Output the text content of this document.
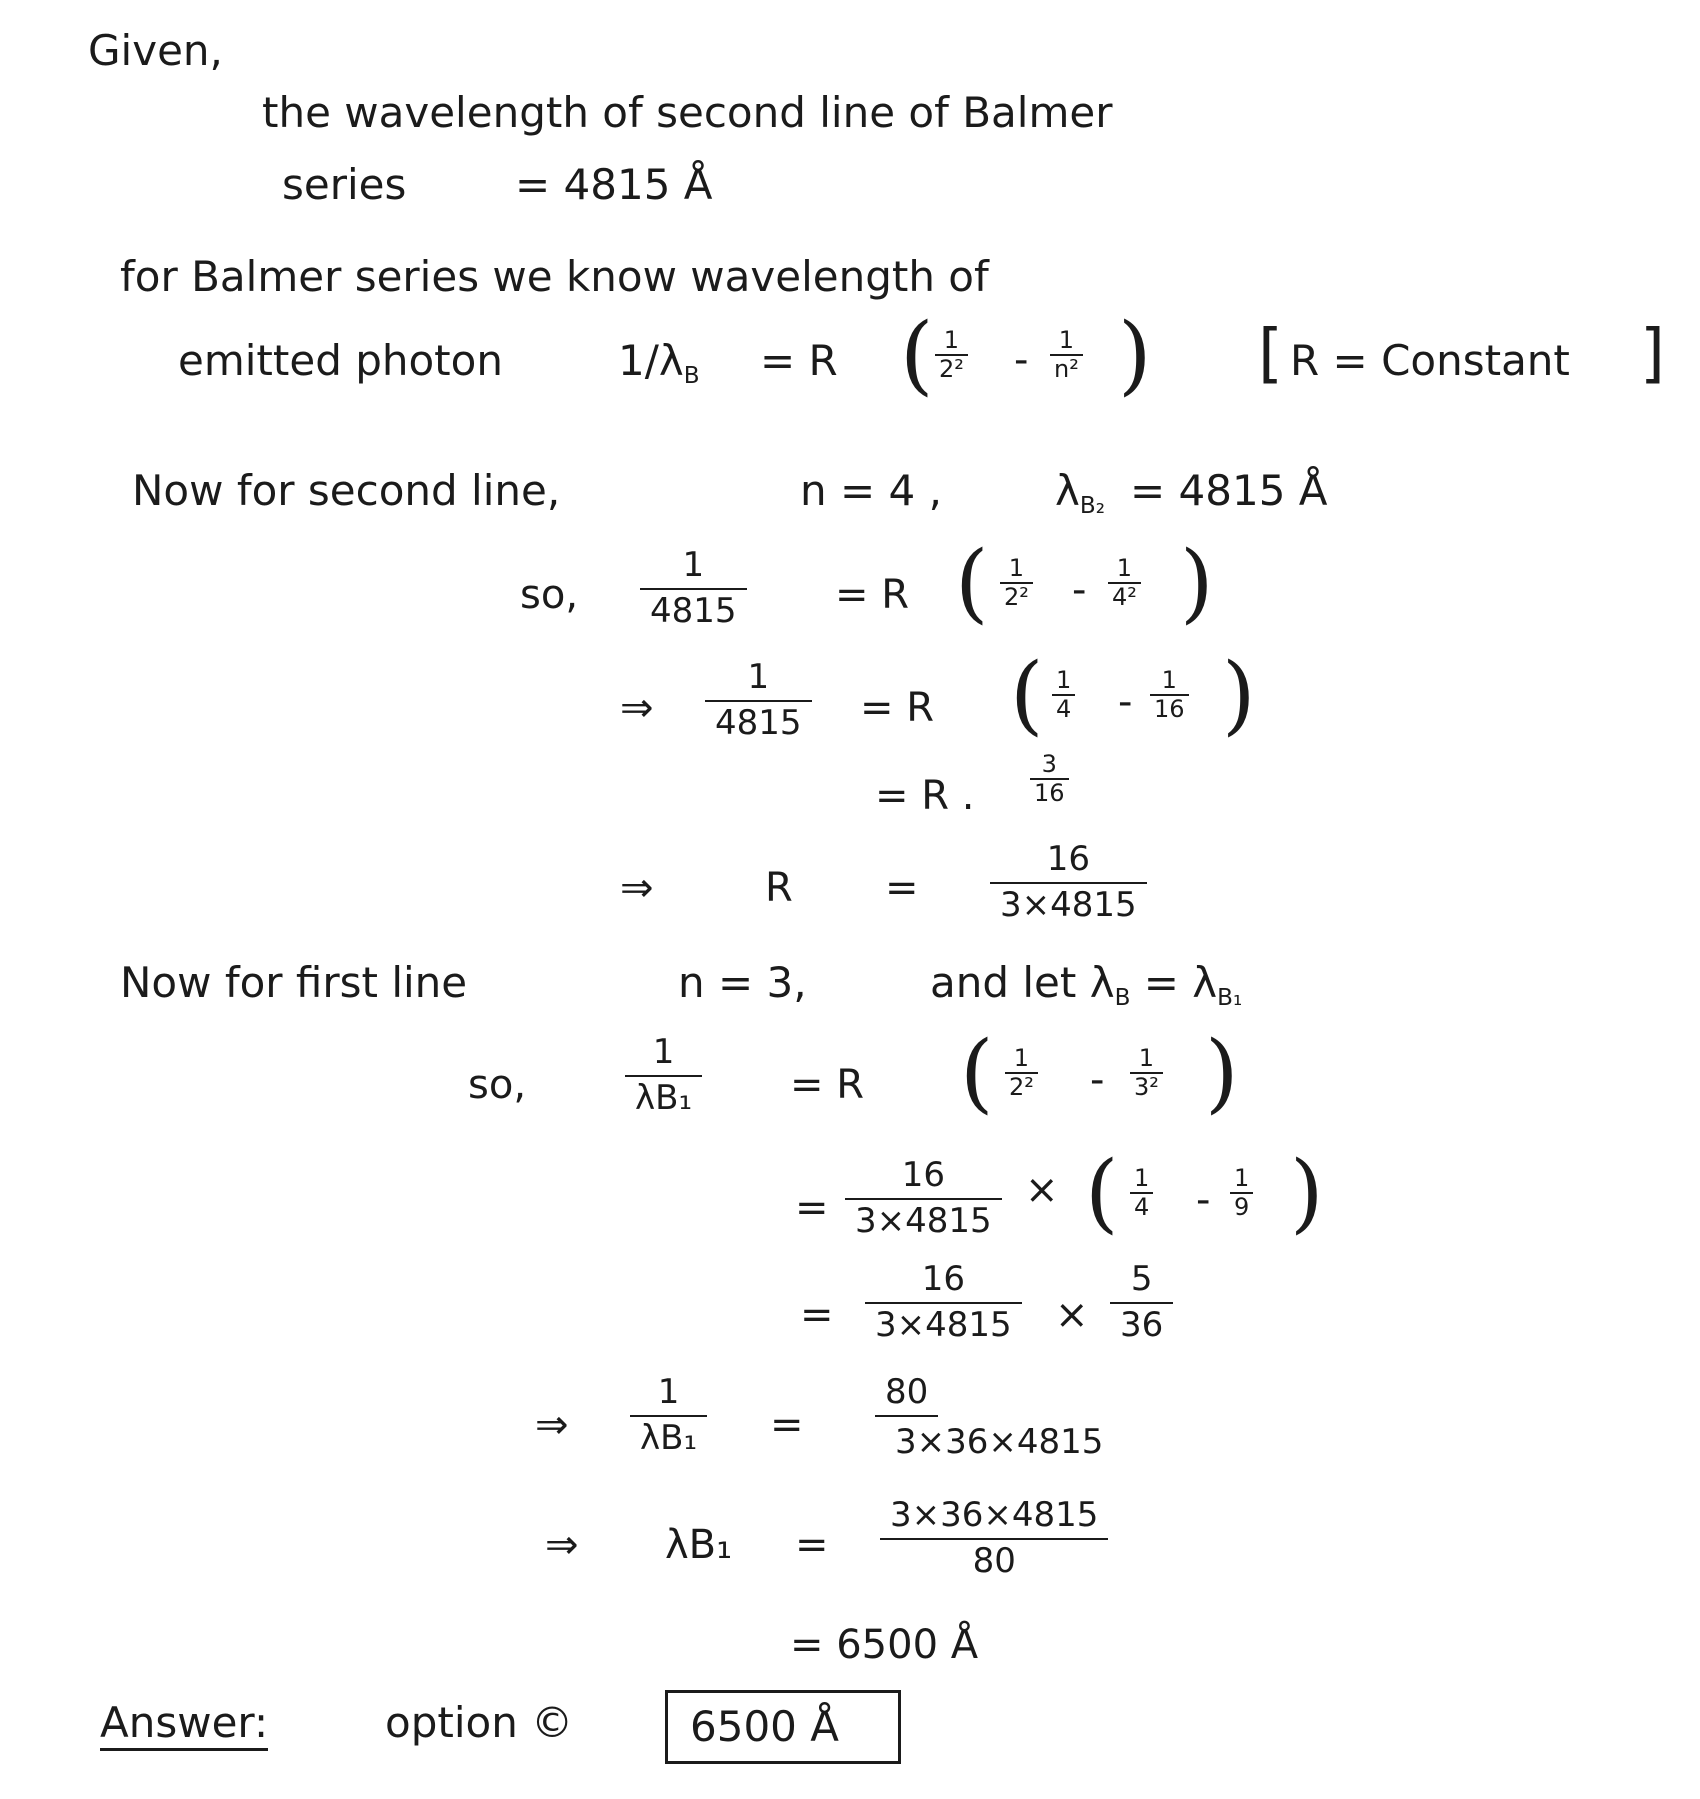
Given,
the wavelength of second line of Balmer
series	= 4815 Å
for Balmer series we know wavelength of
emitted photon	$1/\lambda_B = R$ ( 1
2² - 1
n² ) [ R = Constant ]
Now for second line,	n = 4 ,	$\lambda_{B_2} = 4815$ Å
so,
1
4815 = R ( 1
2² - 1
4² )
⇒
1
4815 = R ( 1
4 - 1
16 )
= R .
3
16
⇒	R =
16
3×4815
Now for first line	n = 3,	and let $\lambda_B = \lambda_{B_1}$
so,
1
λB₁ = R ( 1
2² - 1
3² )
=
16
3×4815
× ( 1
4 - 1
9 )
=
16
3×4815 ×
5
36
⇒
1
λB₁ =
80
3×36×4815
⇒ λB₁ =
3×36×4815
80
= 6500 Å
Answer:	option ©	6500 Å
